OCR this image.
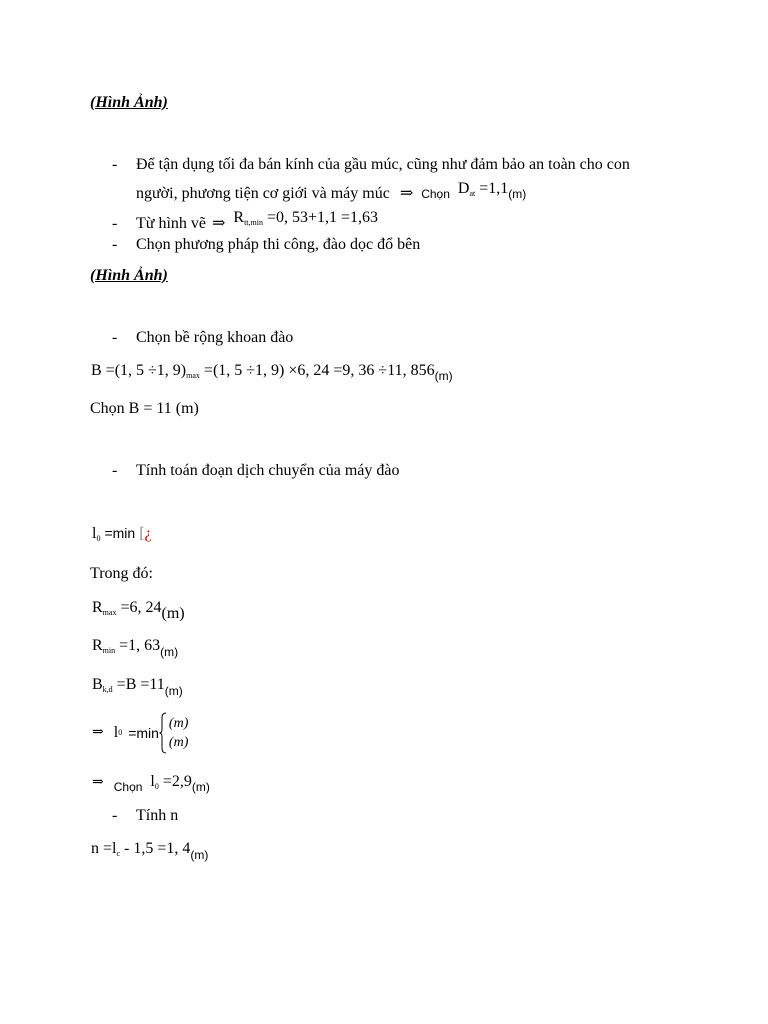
(Hình Ảnh)
- Để tận dụng tối đa bán kính của gầu múc, cũng như đảm bảo an toàn cho con
người, phương tiện cơ giới và máy múc ⇒ Chọn $D_{at} =1,1(m)$
- Từ hình vẽ ⇒ $R_{tt,min} =0$, 53+1,1 =1,63
- Chọn phương pháp thi công, đào dọc đổ bên
(Hình Ảnh)
- Chọn bề rộng khoan đào
B =(1, 5 ÷1, $9)_{max} =(1$, 5 ÷1, 9) ×6, 24 =9, 36 ÷11, $856_{(m)}$
Chọn B = 11 (m)
- Tính toán đoạn dịch chuyển của máy đào
$l_0 =\min$ [¿
Trong đó:
$R_{max} =6$, 24(m)
$R_{min} =1$, $63_{(m)}$
$B_{k,d} =B =11_{(m)}$
⇒ l 0 =min
(m)
(m)
⇒ $_{Chọn}$ $l_0 =2,9_{(m)}$
- Tính n
$n =l_c - 1,5 =1$, $4_{(m)}$
